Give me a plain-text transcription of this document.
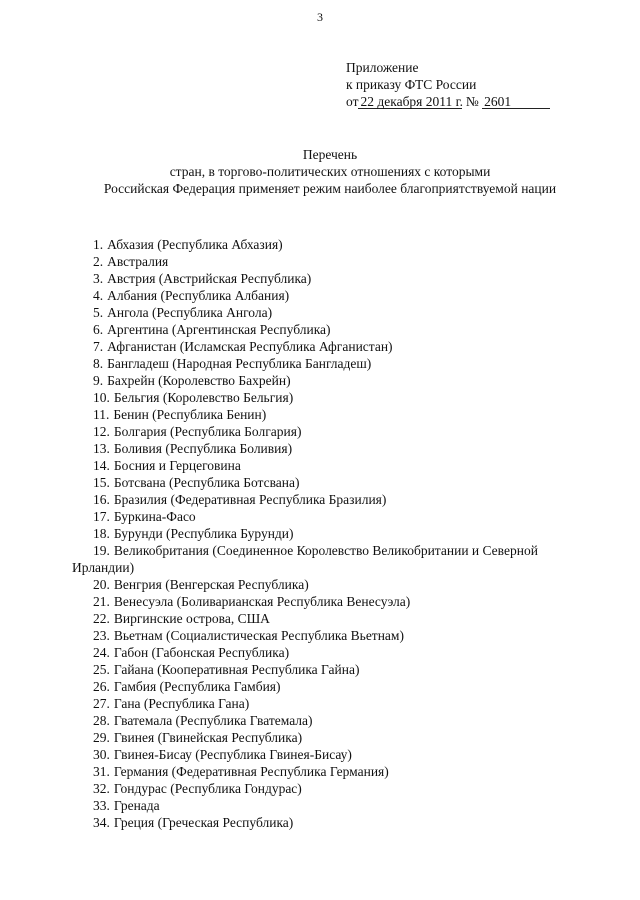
3
Приложение
к приказу ФТС России
от 22 декабря 2011 г. № 2601
Перечень
стран, в торгово-политических отношениях с которыми
Российская Федерация применяет режим наиболее благоприятствуемой нации
1. Абхазия (Республика Абхазия)
2. Австралия
3. Австрия (Австрийская Республика)
4. Албания (Республика Албания)
5. Ангола (Республика Ангола)
6. Аргентина (Аргентинская Республика)
7. Афганистан (Исламская Республика Афганистан)
8. Бангладеш (Народная Республика Бангладеш)
9. Бахрейн (Королевство Бахрейн)
10. Бельгия (Королевство Бельгия)
11. Бенин (Республика Бенин)
12. Болгария (Республика Болгария)
13. Боливия (Республика Боливия)
14. Босния и Герцеговина
15. Ботсвана (Республика Ботсвана)
16. Бразилия (Федеративная Республика Бразилия)
17. Буркина-Фасо
18. Бурунди (Республика Бурунди)
19. Великобритания (Соединенное Королевство Великобритании и Северной Ирландии)
20. Венгрия (Венгерская Республика)
21. Венесуэла (Боливарианская Республика Венесуэла)
22. Виргинские острова, США
23. Вьетнам (Социалистическая Республика Вьетнам)
24. Габон (Габонская Республика)
25. Гайана (Кооперативная Республика Гайна)
26. Гамбия (Республика Гамбия)
27. Гана (Республика Гана)
28. Гватемала (Республика Гватемала)
29. Гвинея (Гвинейская Республика)
30. Гвинея-Бисау (Республика Гвинея-Бисау)
31. Германия (Федеративная Республика Германия)
32. Гондурас (Республика Гондурас)
33. Гренада
34. Греция (Греческая Республика)
